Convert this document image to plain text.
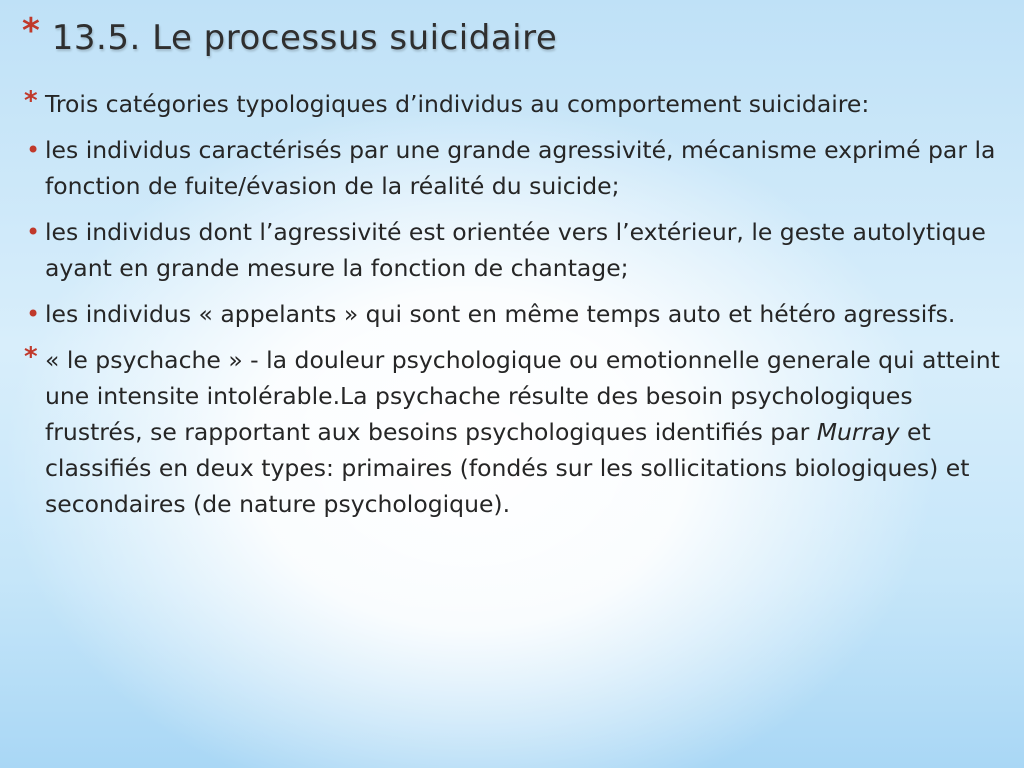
* 13.5. Le processus suicidaire
* Trois catégories typologiques d’individus au comportement suicidaire:
• les individus caractérisés par une grande agressivité, mécanisme exprimé par la fonction de fuite/évasion de la réalité du suicide;
• les individus dont l’agressivité est orientée vers l’extérieur, le geste autolytique ayant en grande mesure la fonction de chantage;
• les individus « appelants » qui sont en même temps auto et hétéro agressifs.
* « le psychache » - la douleur psychologique ou emotionnelle generale qui atteint une intensite intolérable.La psychache résulte des besoin psychologiques frustrés, se rapportant aux besoins psychologiques identifiés par Murray et classifiés en deux types: primaires (fondés sur les sollicitations biologiques) et secondaires (de nature psychologique).
